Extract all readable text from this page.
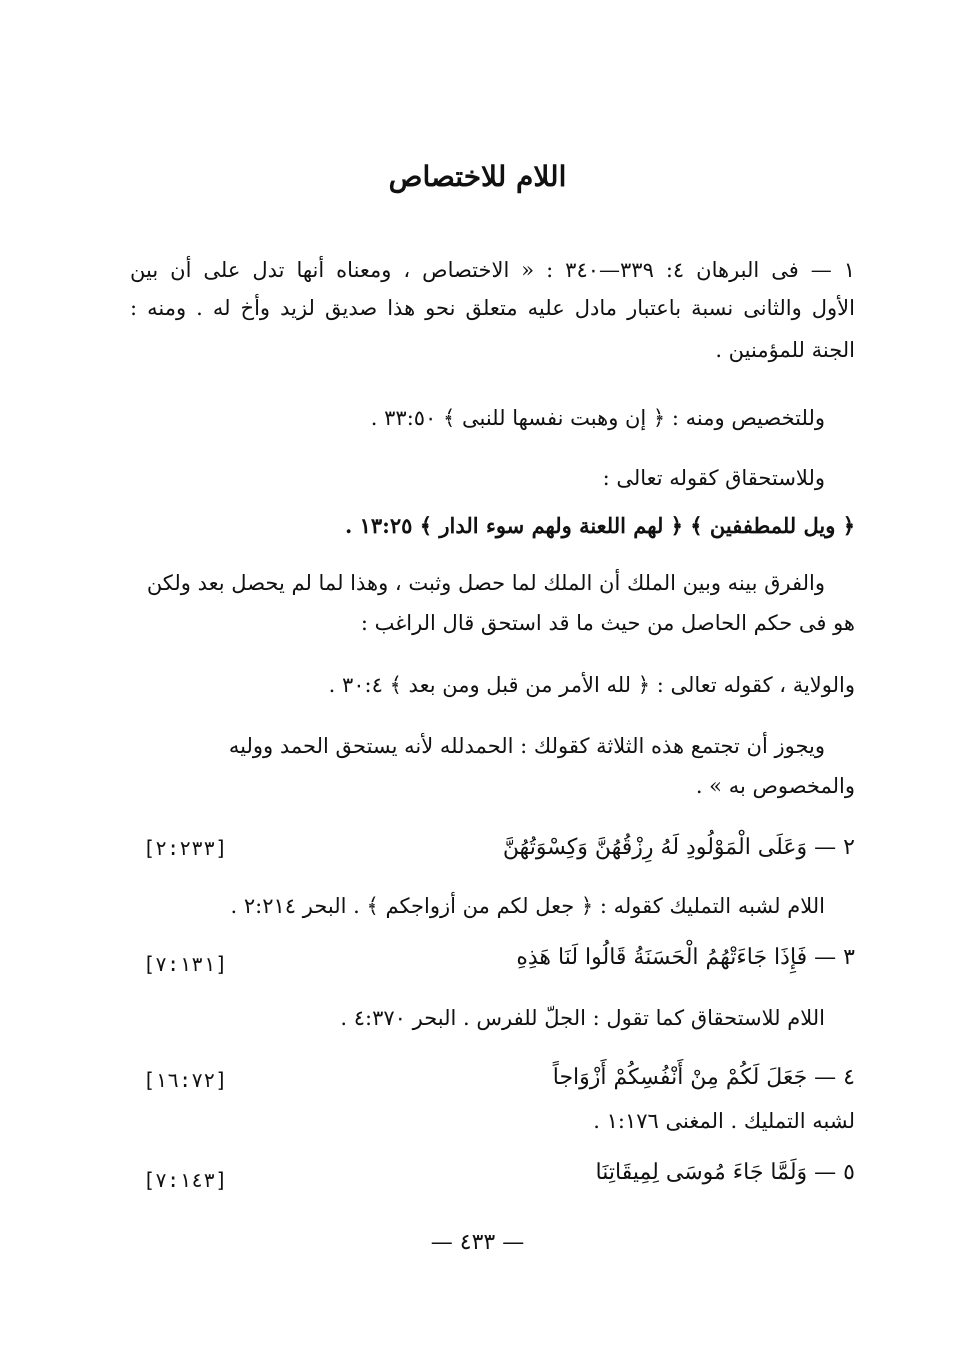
اللام للاختصاص
١ — فى البرهان ٤: ٣٣٩—٣٤٠ : « الاختصاص ، ومعناه أنها تدل على أن بين
الأول والثانى نسبة باعتبار مادل عليه متعلق نحو هذا صديق لزيد وأخ له . ومنه :
الجنة للمؤمنين .
وللتخصيص ومنه : ﴿ إن وهبت نفسها للنبى ﴾ ٣٣:٥٠ .
وللاستحقاق كقوله تعالى :
﴿ ويل للمطففين ﴾ ﴿ لهم اللعنة ولهم سوء الدار ﴾ ١٣:٢٥ .
والفرق بينه وبين الملك أن الملك لما حصل وثبت ، وهذا لما لم يحصل بعد ولكن
هو فى حكم الحاصل من حيث ما قد استحق قال الراغب :
والولاية ، كقوله تعالى : ﴿ لله الأمر من قبل ومن بعد ﴾ ٣٠:٤ .
ويجوز أن تجتمع هذه الثلاثة كقولك : الحمدلله لأنه يستحق الحمد ووليه
والمخصوص به » .
٢ — وَعَلَى الْمَوْلُودِ لَهُ رِزْقُهُنَّ وَكِسْوَتُهُنَّ
[٢:٢٣٣]
اللام لشبه التمليك كقوله : ﴿ جعل لكم من أزواجكم ﴾ . البحر ٢:٢١٤ .
٣ — فَإِذَا جَاءَتْهُمُ الْحَسَنَةُ قَالُوا لَنَا هَذِهِ
[٧:١٣١]
اللام للاستحقاق كما تقول : الجلّ للفرس . البحر ٤:٣٧٠ .
٤ — جَعَلَ لَكُمْ مِنْ أَنْفُسِكُمْ أَزْوَاجاً
[١٦:٧٢]
لشبه التمليك . المغنى ١:١٧٦ .
٥ — وَلَمَّا جَاءَ مُوسَى لِمِيقَاتِنَا
[٧:١٤٣]
— ٤٣٣ —
